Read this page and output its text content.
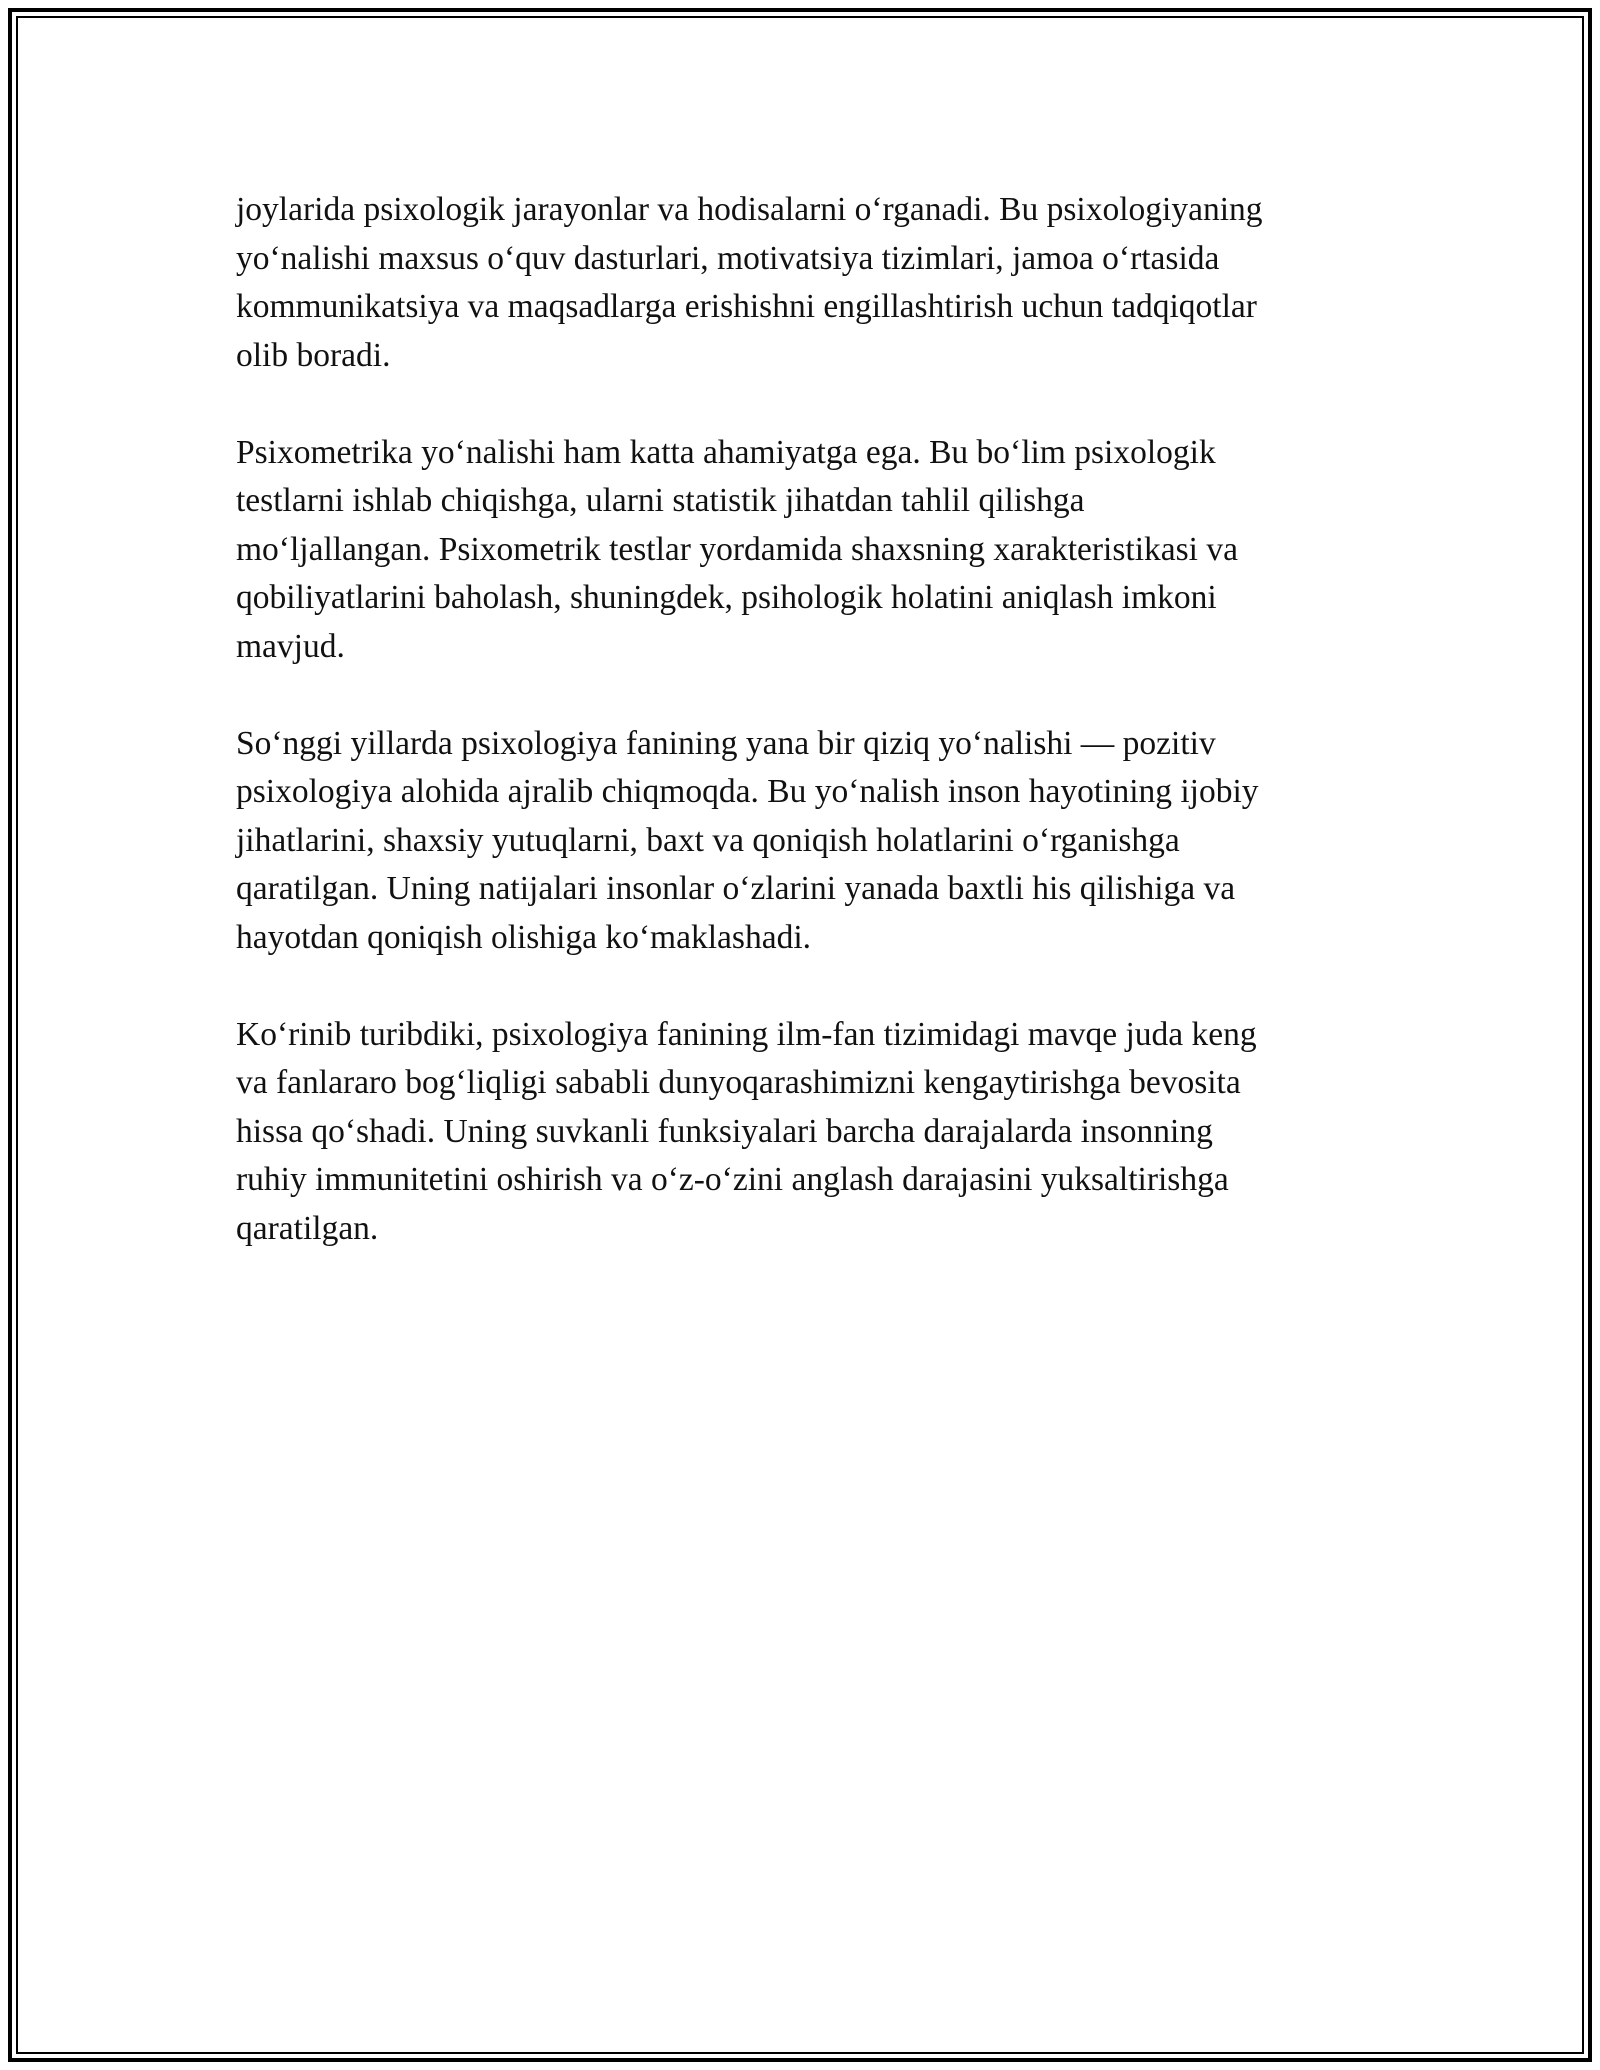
joylarida psixologik jarayonlar va hodisalarni o‘rganadi. Bu psixologiyaning
yo‘nalishi maxsus o‘quv dasturlari, motivatsiya tizimlari, jamoa o‘rtasida
kommunikatsiya va maqsadlarga erishishni engillashtirish uchun tadqiqotlar
olib boradi.

Psixometrika yo‘nalishi ham katta ahamiyatga ega. Bu bo‘lim psixologik
testlarni ishlab chiqishga, ularni statistik jihatdan tahlil qilishga
mo‘ljallangan. Psixometrik testlar yordamida shaxsning xarakteristikasi va
qobiliyatlarini baholash, shuningdek, psihologik holatini aniqlash imkoni
mavjud.

So‘nggi yillarda psixologiya fanining yana bir qiziq yo‘nalishi — pozitiv
psixologiya alohida ajralib chiqmoqda. Bu yo‘nalish inson hayotining ijobiy
jihatlarini, shaxsiy yutuqlarni, baxt va qoniqish holatlarini o‘rganishga
qaratilgan. Uning natijalari insonlar o‘zlarini yanada baxtli his qilishiga va
hayotdan qoniqish olishiga ko‘maklashadi.

Ko‘rinib turibdiki, psixologiya fanining ilm-fan tizimidagi mavqe juda keng
va fanlararo bog‘liqligi sababli dunyoqarashimizni kengaytirishga bevosita
hissa qo‘shadi. Uning suvkanli funksiyalari barcha darajalarda insonning
ruhiy immunitetini oshirish va o‘z-o‘zini anglash darajasini yuksaltirishga
qaratilgan.
